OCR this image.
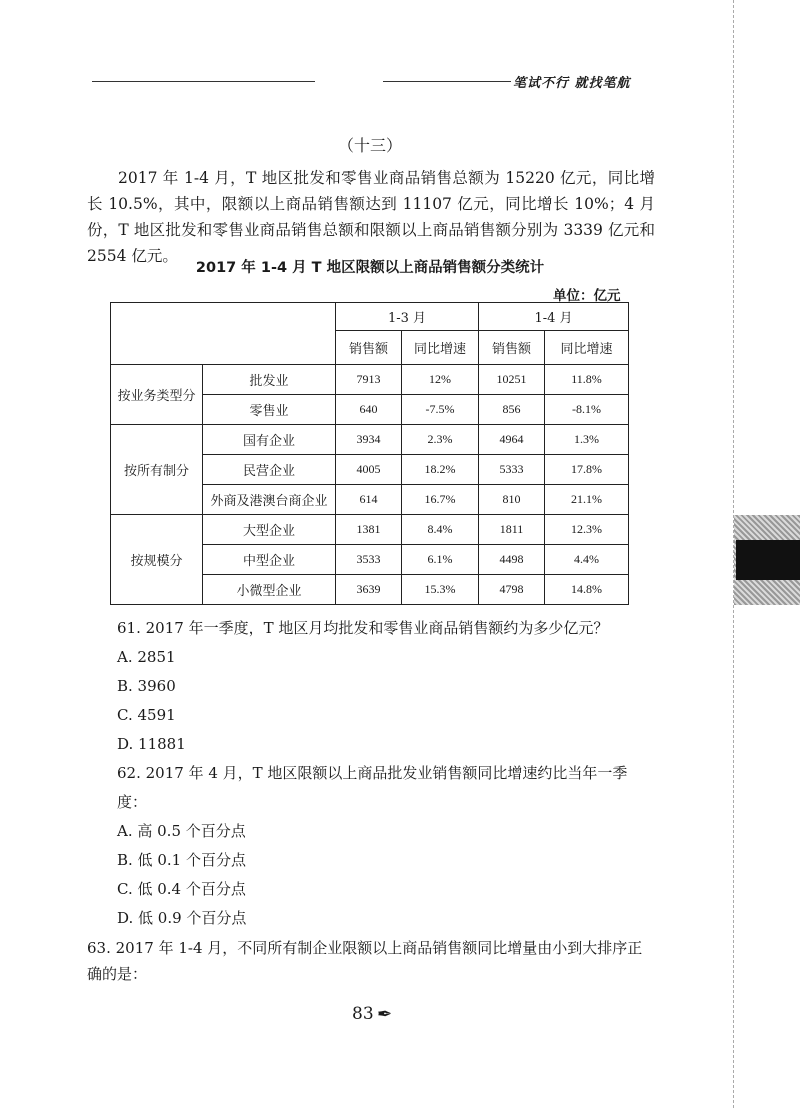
笔试不行 就找笔航
（十三）

2017 年 1-4 月，T 地区批发和零售业商品销售总额为 15220 亿元，同比增长 10.5%，其中，限额以上商品销售额达到 11107 亿元，同比增长 10%；4 月份，T 地区批发和零售业商品销售总额和限额以上商品销售额分别为 3339 亿元和 2554 亿元。

2017 年 1-4 月 T 地区限额以上商品销售额分类统计
单位：亿元
		1-3 月		1-4 月	
		销售额	同比增速	销售额	同比增速
按业务类型分	批发业	7913	12%	10251	11.8%
	零售业	640	-7.5%	856	-8.1%
按所有制分	国有企业	3934	2.3%	4964	1.3%
	民营企业	4005	18.2%	5333	17.8%
	外商及港澳台商企业	614	16.7%	810	21.1%
按规模分	大型企业	1381	8.4%	1811	12.3%
	中型企业	3533	6.1%	4498	4.4%
	小微型企业	3639	15.3%	4798	14.8%

61. 2017 年一季度，T 地区月均批发和零售业商品销售额约为多少亿元？

A. 2851

B. 3960

C. 4591

D. 11881

62. 2017 年 4 月，T 地区限额以上商品批发业销售额同比增速约比当年一季度：

A. 高 0.5 个百分点

B. 低 0.1 个百分点

C. 低 0.4 个百分点

D. 低 0.9 个百分点

63. 2017 年 1-4 月，不同所有制企业限额以上商品销售额同比增量由小到大排序正确的是：

83 ✒
